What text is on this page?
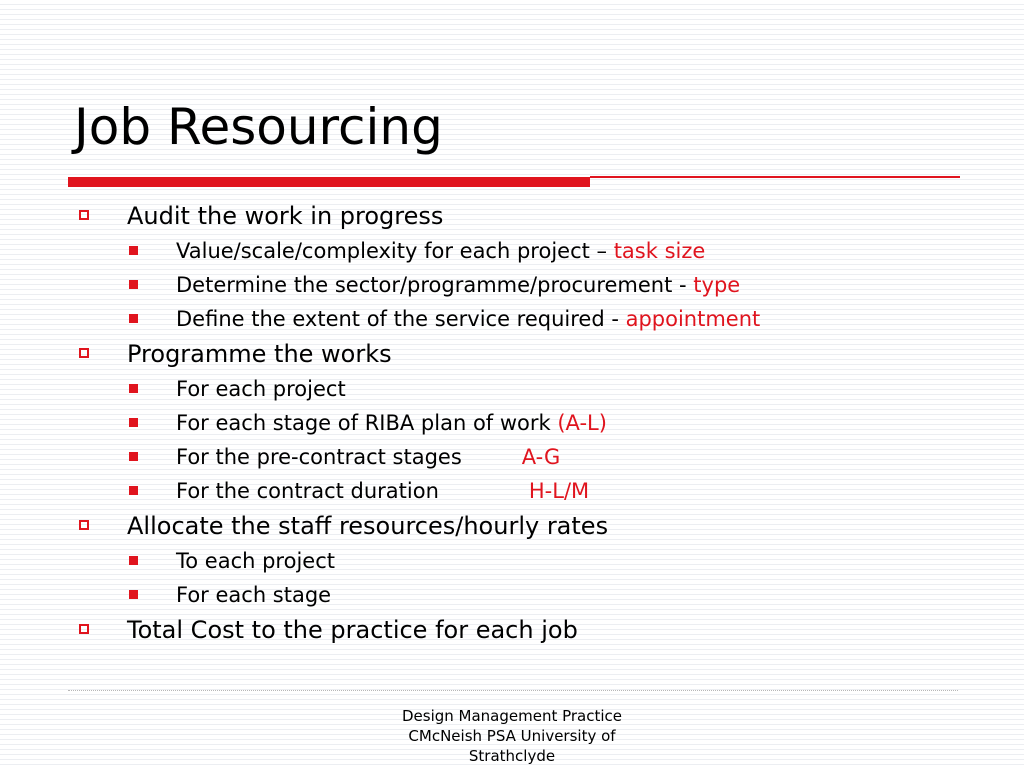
Job Resourcing
Audit the work in progress
Value/scale/complexity for each project – task size
Determine the sector/programme/procurement - type
Define the extent of the service required - appointment
Programme the works
For each project
For each stage of RIBA plan of work (A-L)
For the pre-contract stages	A-G
For the contract duration	H-L/M
Allocate the staff resources/hourly rates
To each project
For each stage
Total Cost to the practice for each job
Design Management Practice
CMcNeish PSA University of
Strathclyde
